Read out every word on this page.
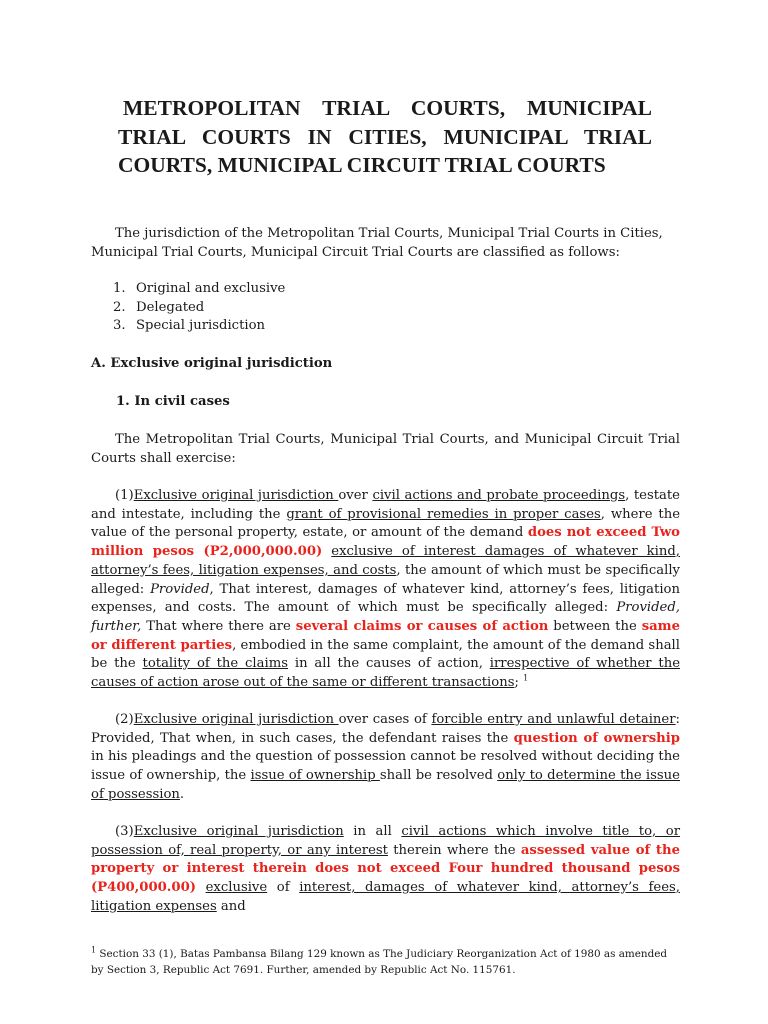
METROPOLITAN TRIAL COURTS, MUNICIPAL TRIAL COURTS IN CITIES, MUNICIPAL TRIAL COURTS, MUNICIPAL CIRCUIT TRIAL COURTS

The jurisdiction of the Metropolitan Trial Courts, Municipal Trial Courts in Cities, Municipal Trial Courts, Municipal Circuit Trial Courts are classified as follows:

1. Original and exclusive
2. Delegated
3. Special jurisdiction
A. Exclusive original jurisdiction
1. In civil cases

The Metropolitan Trial Courts, Municipal Trial Courts, and Municipal Circuit Trial Courts shall exercise:

(1)Exclusive original jurisdiction over civil actions and probate proceedings, testate and intestate, including the grant of provisional remedies in proper cases, where the value of the personal property, estate, or amount of the demand does not exceed Two million pesos (P2,000,000.00) exclusive of interest damages of whatever kind, attorney’s fees, litigation expenses, and costs, the amount of which must be specifically alleged: Provided, That interest, damages of whatever kind, attorney’s fees, litigation expenses, and costs. The amount of which must be specifically alleged: Provided, further, That where there are several claims or causes of action between the same or different parties, embodied in the same complaint, the amount of the demand shall be the totality of the claims in all the causes of action, irrespective of whether the causes of action arose out of the same or different transactions; $^1$

(2)Exclusive original jurisdiction over cases of forcible entry and unlawful detainer: Provided, That when, in such cases, the defendant raises the question of ownership in his pleadings and the question of possession cannot be resolved without deciding the issue of ownership, the issue of ownership shall be resolved only to determine the issue of possession.

(3)Exclusive original jurisdiction in all civil actions which involve title to, or possession of, real property, or any interest therein where the assessed value of the property or interest therein does not exceed Four hundred thousand pesos (P400,000.00) exclusive of interest, damages of whatever kind, attorney’s fees, litigation expenses and

$^1$ Section 33 (1), Batas Pambansa Bilang 129 known as The Judiciary Reorganization Act of 1980 as amended by Section 3, Republic Act 7691. Further, amended by Republic Act No. 115761.
